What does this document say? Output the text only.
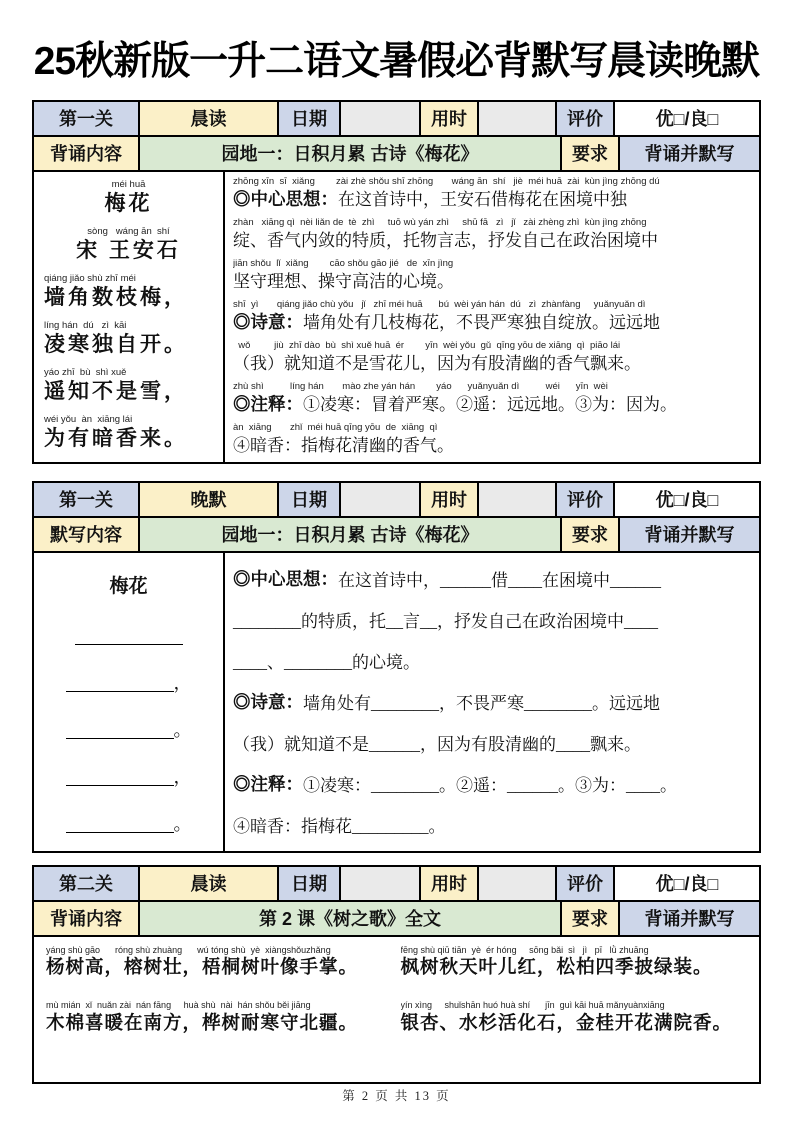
25秋新版一升二语文暑假必背默写晨读晚默
第一关	晨读	日期	用时	评价	优□/良□
背诵内容	园地一：日积月累 古诗《梅花》	要求	背诵并默写
méi huā
梅花
sòng   wáng ān  shí
宋 王安石
qiáng jiǎo shù zhī méi
墙角数枝梅，
líng hán  dú   zì  kāi
凌寒独自开。
yáo zhī  bù  shì xuě
遥知不是雪，
wéi yǒu  àn  xiāng lái
为有暗香来。
zhōng xīn  sī  xiǎng        zài zhè shǒu shī zhōng       wáng ān  shí   jiè  méi huā  zài  kùn jìng zhōng dú
◎中心思想：在这首诗中，王安石借梅花在困境中独
zhàn   xiāng qì  nèi liǎn de  tè  zhì     tuō wù yán zhì     shū fā   zì   jǐ   zài zhèng zhì  kùn jìng zhōng
绽、香气内敛的特质，托物言志，抒发自己在政治困境中
jiān shǒu  lǐ  xiǎng        cāo shǒu gāo jié   de  xīn jìng
坚守理想、操守高洁的心境。
shī  yì       qiáng jiǎo chù yǒu   jǐ   zhī méi huā      bú  wèi yán hán  dú   zì  zhànfàng     yuǎnyuǎn dì
◎诗意：墙角处有几枝梅花，不畏严寒独自绽放。远远地
wǒ         jiù  zhī dào  bù  shì xuě huā  ér        yīn  wèi yǒu  gǔ  qīng yōu de xiāng  qì  piāo lái
（我）就知道不是雪花儿，因为有股清幽的香气飘来。
zhù shì          líng hán       mào zhe yán hán        yáo      yuǎnyuǎn dì          wéi      yīn  wèi
◎注释：①凌寒：冒着严寒。②遥：远远地。③为：因为。
àn  xiāng       zhǐ  méi huā qīng yōu  de  xiāng  qì
④暗香：指梅花清幽的香气。
第一关	晚默	日期	用时	评价	优□/良□
默写内容	园地一：日积月累 古诗《梅花》	要求	背诵并默写
梅花
，
。
，
。
◎中心思想： 在这首诗中，______借____在困境中______
________的特质，托__言__，抒发自己在政治困境中____
____、________的心境。
◎诗意： 墙角处有________，不畏严寒________。远远地
（我）就知道不是______，因为有股清幽的____飘来。
◎注释： ①凌寒：________。②遥：______。③为：____。
④暗香：指梅花_________。
第二关	晨读	日期	用时	评价	优□/良□
背诵内容	第 2 课《树之歌》全文	要求	背诵并默写
yáng shù gāo      róng shù zhuàng      wú tóng shù  yè  xiàngshǒuzhǎng
杨树高，榕树壮，梧桐树叶像手掌。
mù mián  xǐ  nuǎn zài  nán fāng     huà shù  nài  hán shǒu běi jiāng
木棉喜暖在南方，桦树耐寒守北疆。
fēng shù qiū tiān  yè  ér hóng     sōng bǎi  sì   jì   pī   lǜ zhuāng
枫树秋天叶儿红，松柏四季披绿装。
yín xìng     shuǐshān huó huà shí      jīn  guì kāi huā mǎnyuànxiāng
银杏、水杉活化石，金桂开花满院香。
第 2 页 共 13 页
